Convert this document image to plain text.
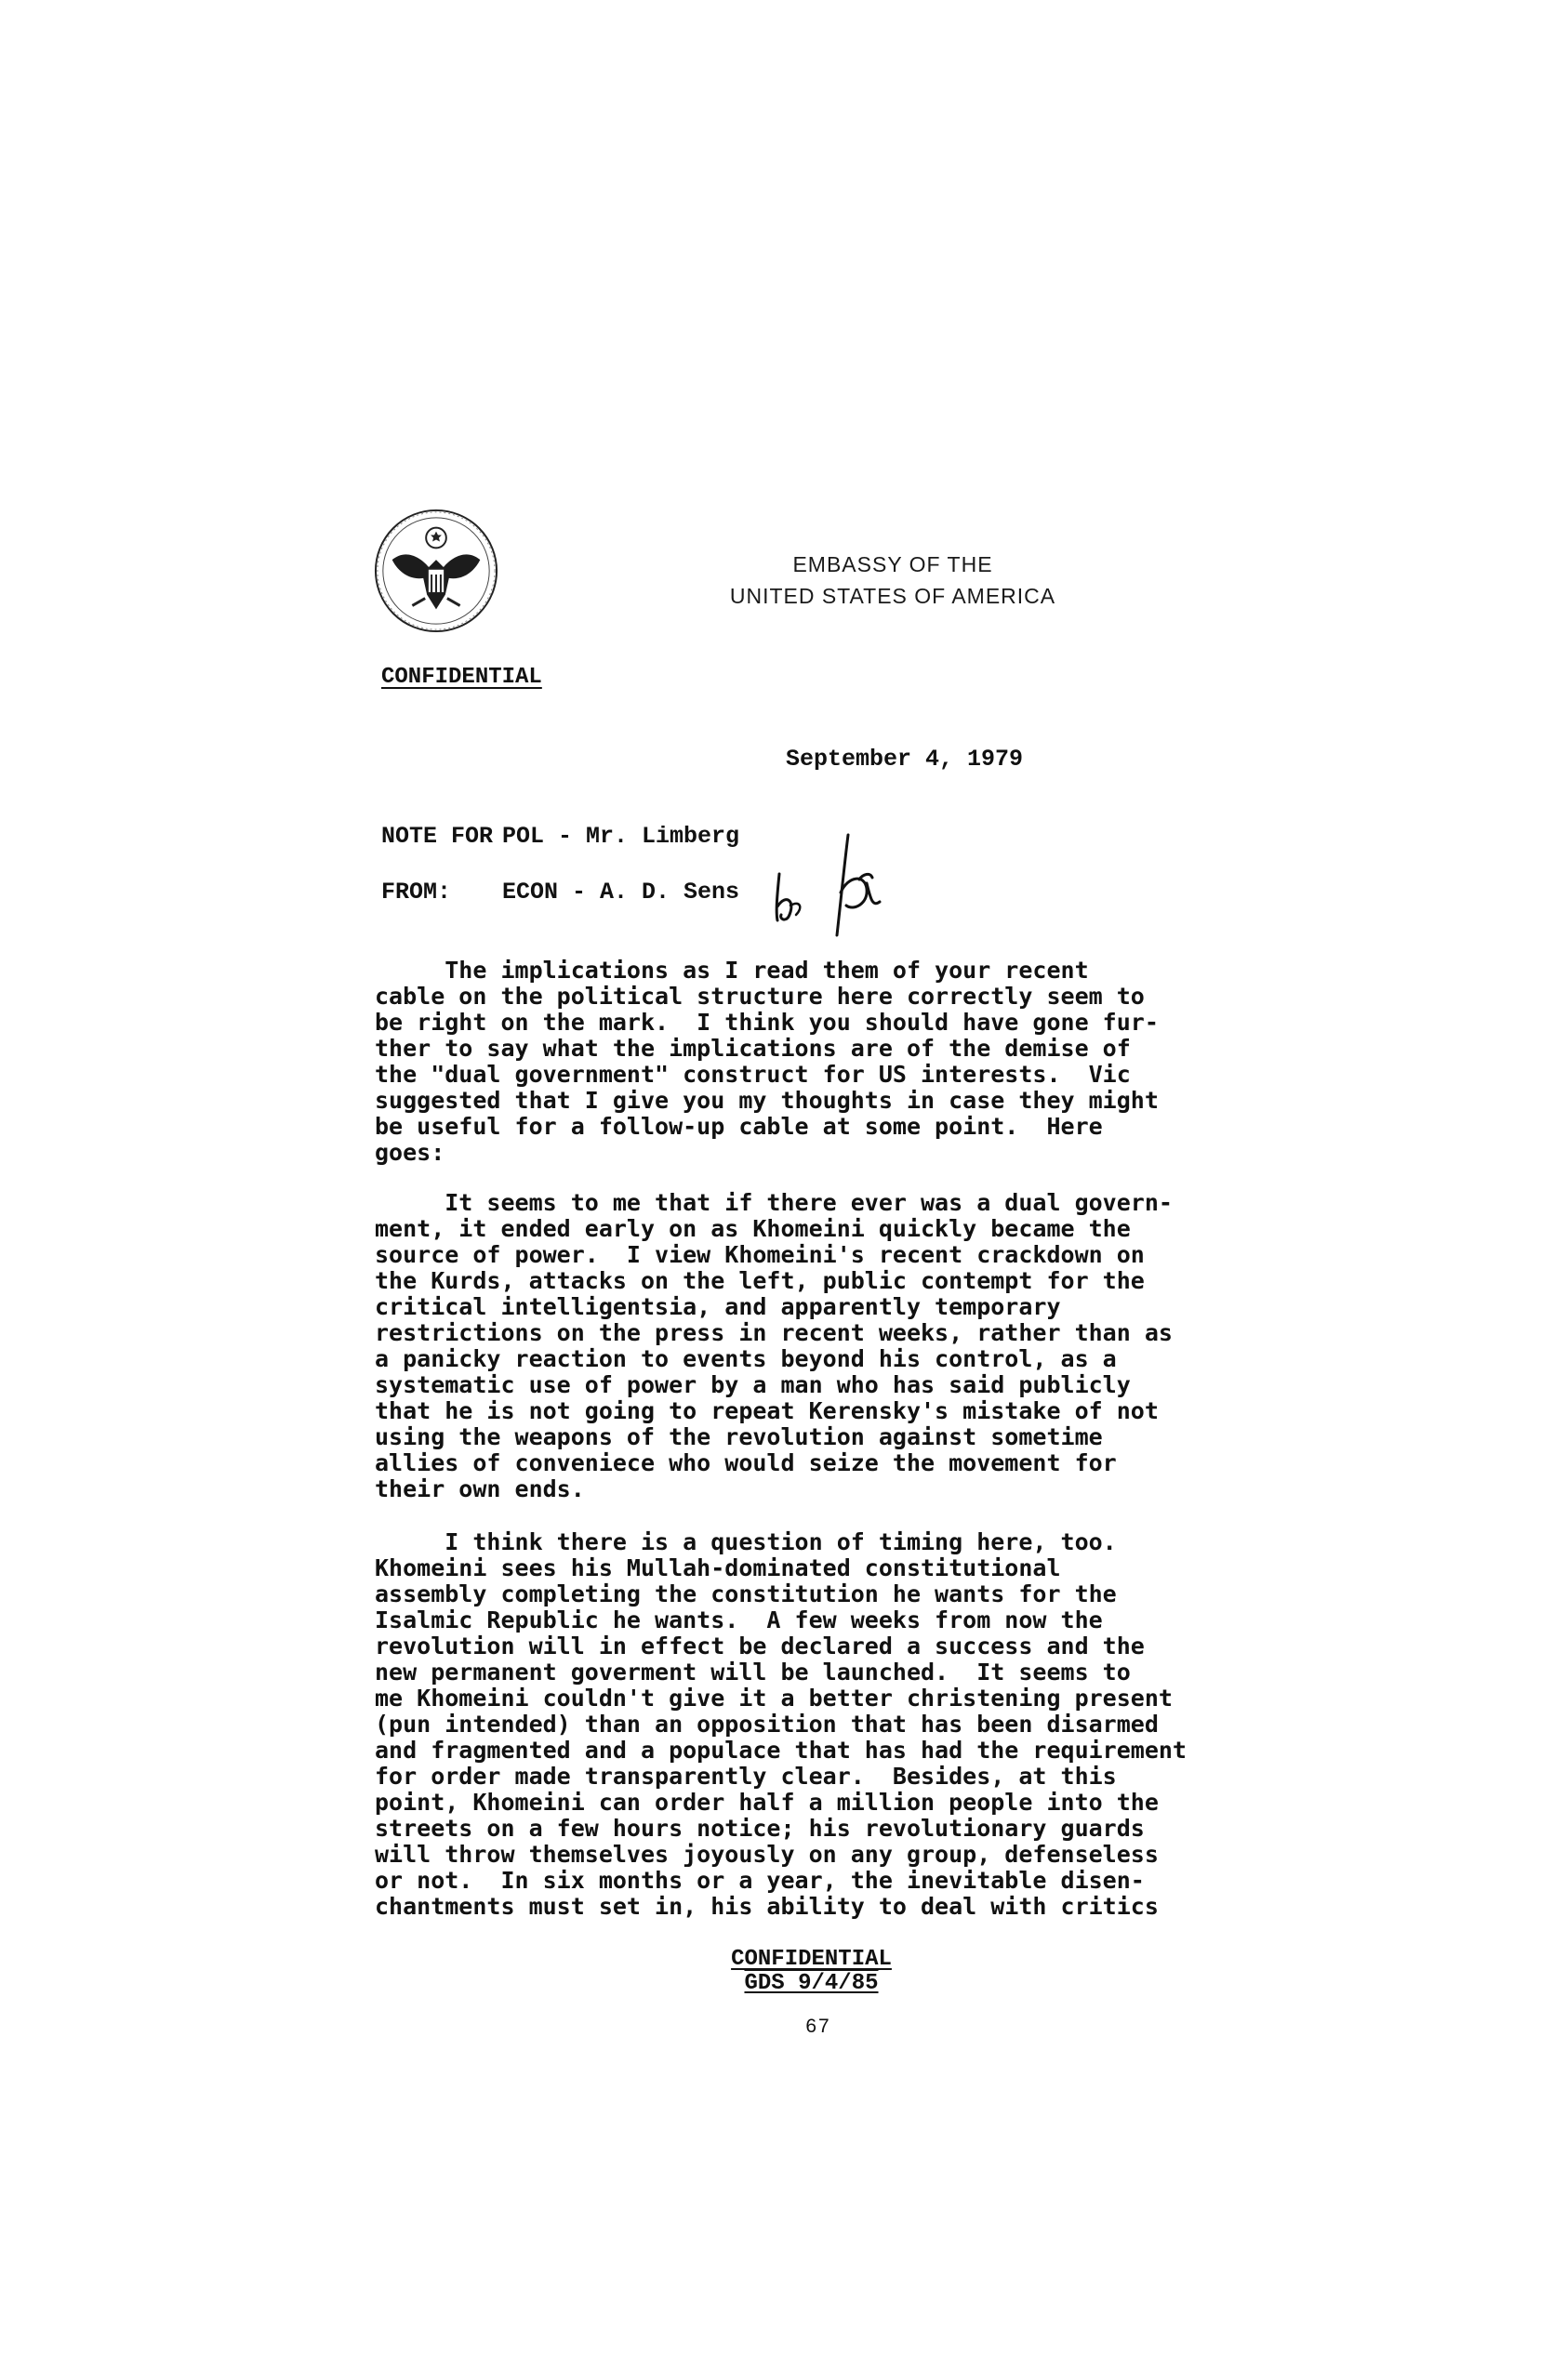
EMBASSY OF THE
UNITED STATES OF AMERICA
CONFIDENTIAL
September 4, 1979
NOTE FOR POL - Mr. Limberg
FROM: ECON - A. D. Sens
The implications as I read them of your recent
cable on the political structure here correctly seem to
be right on the mark.  I think you should have gone fur-
ther to say what the implications are of the demise of
the "dual government" construct for US interests.  Vic
suggested that I give you my thoughts in case they might
be useful for a follow-up cable at some point.  Here
goes:
It seems to me that if there ever was a dual govern-
ment, it ended early on as Khomeini quickly became the
source of power.  I view Khomeini's recent crackdown on
the Kurds, attacks on the left, public contempt for the
critical intelligentsia, and apparently temporary
restrictions on the press in recent weeks, rather than as
a panicky reaction to events beyond his control, as a
systematic use of power by a man who has said publicly
that he is not going to repeat Kerensky's mistake of not
using the weapons of the revolution against sometime
allies of conveniece who would seize the movement for
their own ends.
I think there is a question of timing here, too.
Khomeini sees his Mullah-dominated constitutional
assembly completing the constitution he wants for the
Isalmic Republic he wants.  A few weeks from now the
revolution will in effect be declared a success and the
new permanent goverment will be launched.  It seems to
me Khomeini couldn't give it a better christening present
(pun intended) than an opposition that has been disarmed
and fragmented and a populace that has had the requirement
for order made transparently clear.  Besides, at this
point, Khomeini can order half a million people into the
streets on a few hours notice; his revolutionary guards
will throw themselves joyously on any group, defenseless
or not.  In six months or a year, the inevitable disen-
chantments must set in, his ability to deal with critics
CONFIDENTIAL
GDS 9/4/85
67
